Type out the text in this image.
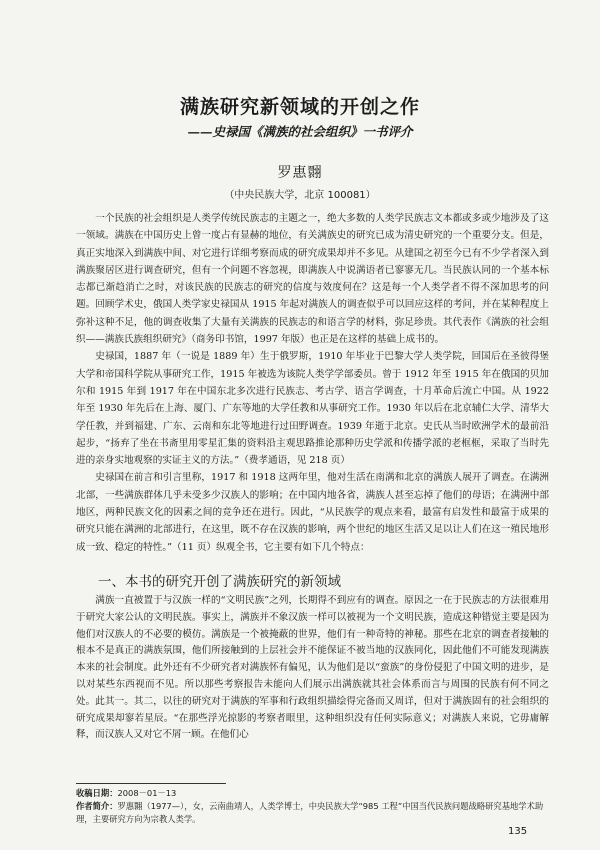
满族研究新领域的开创之作
——史禄国《满族的社会组织》一书评介
罗惠翾
（中央民族大学，北京 100081）

一个民族的社会组织是人类学传统民族志的主题之一，绝大多数的人类学民族志文本都或多或少地涉及了这一领域。满族在中国历史上曾一度占有显赫的地位，有关满族史的研究已成为清史研究的一个重要分支。但是，真正实地深入到满族中间、对它进行详细考察而成的研究成果却并不多见。从建国之初至今已有不少学者深入到满族聚居区进行调查研究，但有一个问题不容忽视，即满族人中说满语者已寥寥无几。当民族认同的一个基本标志都已渐趋消亡之时，对该民族的民族志的研究的信度与效度何在？这是每一个人类学者不得不深加思考的问题。回顾学术史，俄国人类学家史禄国从 1915 年起对满族人的调查似乎可以回应这样的考问，并在某种程度上弥补这种不足，他的调查收集了大量有关满族的民族志的和语言学的材料，弥足珍贵。其代表作《满族的社会组织——满族氏族组织研究》（商务印书馆，1997 年版）也正是在这样的基础上成书的。

史禄国，1887 年（一说是 1889 年）生于俄罗斯，1910 年毕业于巴黎大学人类学院，回国后在圣彼得堡大学和帝国科学院从事研究工作，1915 年被选为该院人类学学部委员。曾于 1912 年至 1915 年在俄国的贝加尔和 1915 年到 1917 年在中国东北多次进行民族志、考古学、语言学调查，十月革命后流亡中国。从 1922 年至 1930 年先后在上海、厦门、广东等地的大学任教和从事研究工作。1930 年以后在北京辅仁大学、清华大学任教，并到福建、广东、云南和东北等地进行过田野调查。1939 年逝于北京。史氏从当时欧洲学术的最前沿起步，“扬弃了坐在书斋里用零星汇集的资料沿主观思路推论那种历史学派和传播学派的老框框，采取了当时先进的亲身实地观察的实证主义的方法。”（费孝通语，见 218 页）

史禄国在前言和引言里称，1917 和 1918 这两年里，他对生活在南满和北京的满族人展开了调查。在满洲北部，一些满族群体几乎未受多少汉族人的影响；在中国内地各省，满族人甚至忘掉了他们的母语；在满洲中部地区，两种民族文化的因素之间的竞争还在进行。因此，“从民族学的观点来看，最富有启发性和最富于成果的研究只能在满洲的北部进行，在这里，既不存在汉族的影响，两个世纪的地区生活又足以让人们在这一殖民地形成一致、稳定的特性。”（11 页）纵观全书，它主要有如下几个特点：

一、本书的研究开创了满族研究的新领域

满族一直被置于与汉族一样的“文明民族”之列，长期得不到应有的调查。原因之一在于民族志的方法很难用于研究大家公认的文明民族。事实上，满族并不象汉族一样可以被视为一个文明民族，造成这种错觉主要是因为他们对汉族人的不必要的模仿。满族是一个被掩蔽的世界，他们有一种奇特的神秘。那些在北京的调查者接触的根本不是真正的满族氛围，他们所接触到的上层社会并不能保证不被当地的汉族同化，因此他们不可能发现满族本来的社会制度。此外还有不少研究者对满族怀有偏见，认为他们是以“蛮族”的身份侵犯了中国文明的进步，是以对某些东西视而不见。所以那些考察报告未能向人们展示出满族就其社会体系而言与周围的民族有何不同之处。此其一。其二，以往的研究对于满族的军事和行政组织描绘得完备而又周详，但对于满族固有的社会组织的研究成果却寥若星辰。“在那些浮光掠影的考察者眼里，这种组织没有任何实际意义；对满族人来说，它毋庸解释，而汉族人又对它不屑一顾。在他们心

收稿日期：2008－01－13
作者简介：罗惠翾（1977—），女，云南曲靖人，人类学博士，中央民族大学“985 工程”中国当代民族问题战略研究基地学术助理，主要研究方向为宗教人类学。
135
